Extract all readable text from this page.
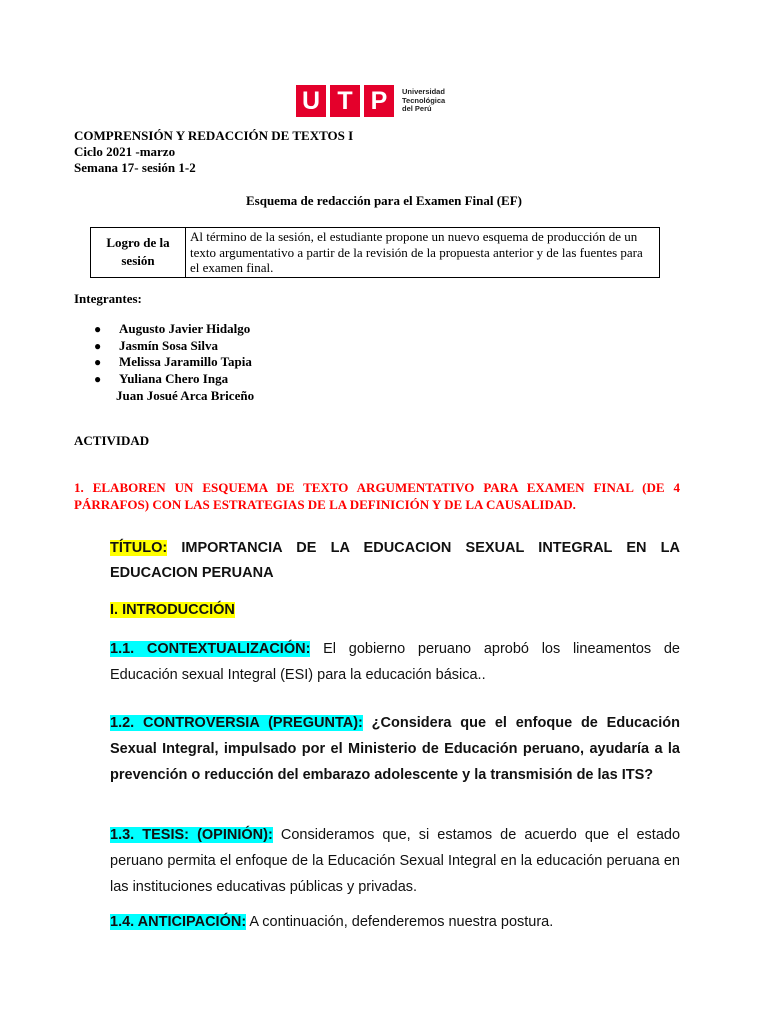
U T P	Universidad
Tecnológica
del Perú
COMPRENSIÓN Y REDACCIÓN DE TEXTOS I
Ciclo 2021 -marzo
Semana 17- sesión 1-2
Esquema de redacción para el Examen Final (EF)
Logro de la
sesión
	Al término de la sesión, el estudiante propone un nuevo esquema de producción de un texto argumentativo a partir de la revisión de la propuesta anterior y de las fuentes para el examen final.
Integrantes:
● Augusto Javier Hidalgo
● Jasmín Sosa Silva
● Melissa Jaramillo Tapia
● Yuliana Chero Inga
Juan Josué Arca Briceño
ACTIVIDAD
1. ELABOREN UN ESQUEMA DE TEXTO ARGUMENTATIVO PARA EXAMEN FINAL (DE 4 PÁRRAFOS) CON LAS ESTRATEGIAS DE LA DEFINICIÓN Y DE LA CAUSALIDAD.
TÍTULO: IMPORTANCIA DE LA EDUCACION SEXUAL INTEGRAL EN LA EDUCACION PERUANA
I. INTRODUCCIÓN
1.1. CONTEXTUALIZACIÓN: El gobierno peruano aprobó los lineamentos de Educación sexual Integral (ESI) para la educación básica..
1.2. CONTROVERSIA (PREGUNTA): ¿Considera que el enfoque de Educación Sexual Integral, impulsado por el Ministerio de Educación peruano, ayudaría a la prevención o reducción del embarazo adolescente y la transmisión de las ITS?
1.3. TESIS: (OPINIÓN): Consideramos que, si estamos de acuerdo que el estado peruano permita el enfoque de la Educación Sexual Integral en la educación peruana en las instituciones educativas públicas y privadas.
1.4. ANTICIPACIÓN: A continuación, defenderemos nuestra postura.
